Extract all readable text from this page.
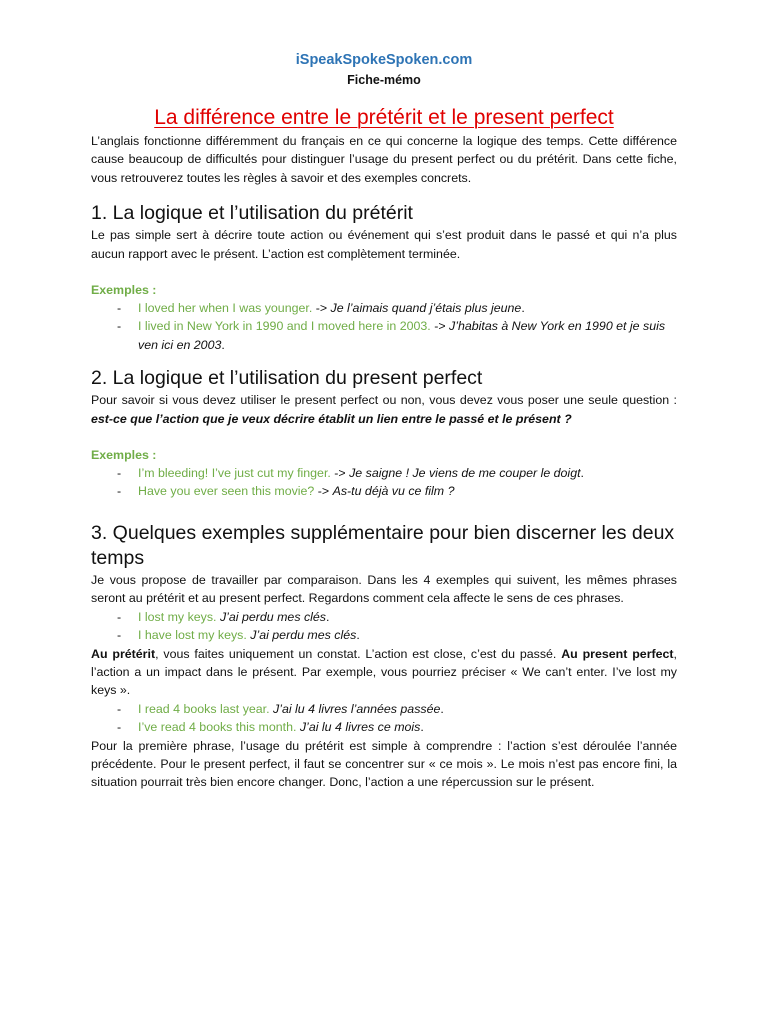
iSpeakSpokeSpoken.com
Fiche-mémo
La différence entre le prétérit et le present perfect

L’anglais fonctionne différemment du français en ce qui concerne la logique des temps. Cette différence cause beaucoup de difficultés pour distinguer l’usage du present perfect ou du prétérit. Dans cette fiche, vous retrouverez toutes les règles à savoir et des exemples concrets.

1. La logique et l’utilisation du prétérit

Le pas simple sert à décrire toute action ou événement qui s’est produit dans le passé et qui n’a plus aucun rapport avec le présent. L’action est complètement terminée.

Exemples :
- I loved her when I was younger. -> Je l’aimais quand j’étais plus jeune.
- I lived in New York in 1990 and I moved here in 2003. -> J’habitas à New York en 1990 et je suis ven ici en 2003.
2. La logique et l’utilisation du present perfect

Pour savoir si vous devez utiliser le present perfect ou non, vous devez vous poser une seule question : est-ce que l’action que je veux décrire établit un lien entre le passé et le présent ?

Exemples :
- I’m bleeding! I’ve just cut my finger. -> Je saigne ! Je viens de me couper le doigt.
- Have you ever seen this movie? -> As-tu déjà vu ce film ?
3. Quelques exemples supplémentaire pour bien discerner les deux temps

Je vous propose de travailler par comparaison. Dans les 4 exemples qui suivent, les mêmes phrases seront au prétérit et au present perfect. Regardons comment cela affecte le sens de ces phrases.

- I lost my keys. J’ai perdu mes clés.
- I have lost my keys. J’ai perdu mes clés.

Au prétérit, vous faites uniquement un constat. L’action est close, c’est du passé. Au present perfect, l’action a un impact dans le présent. Par exemple, vous pourriez préciser « We can’t enter. I’ve lost my keys ».

- I read 4 books last year. J’ai lu 4 livres l’années passée.
- I’ve read 4 books this month. J’ai lu 4 livres ce mois.

Pour la première phrase, l’usage du prétérit est simple à comprendre : l’action s’est déroulée l’année précédente. Pour le present perfect, il faut se concentrer sur « ce mois ». Le mois n’est pas encore fini, la situation pourrait très bien encore changer. Donc, l’action a une répercussion sur le présent.
